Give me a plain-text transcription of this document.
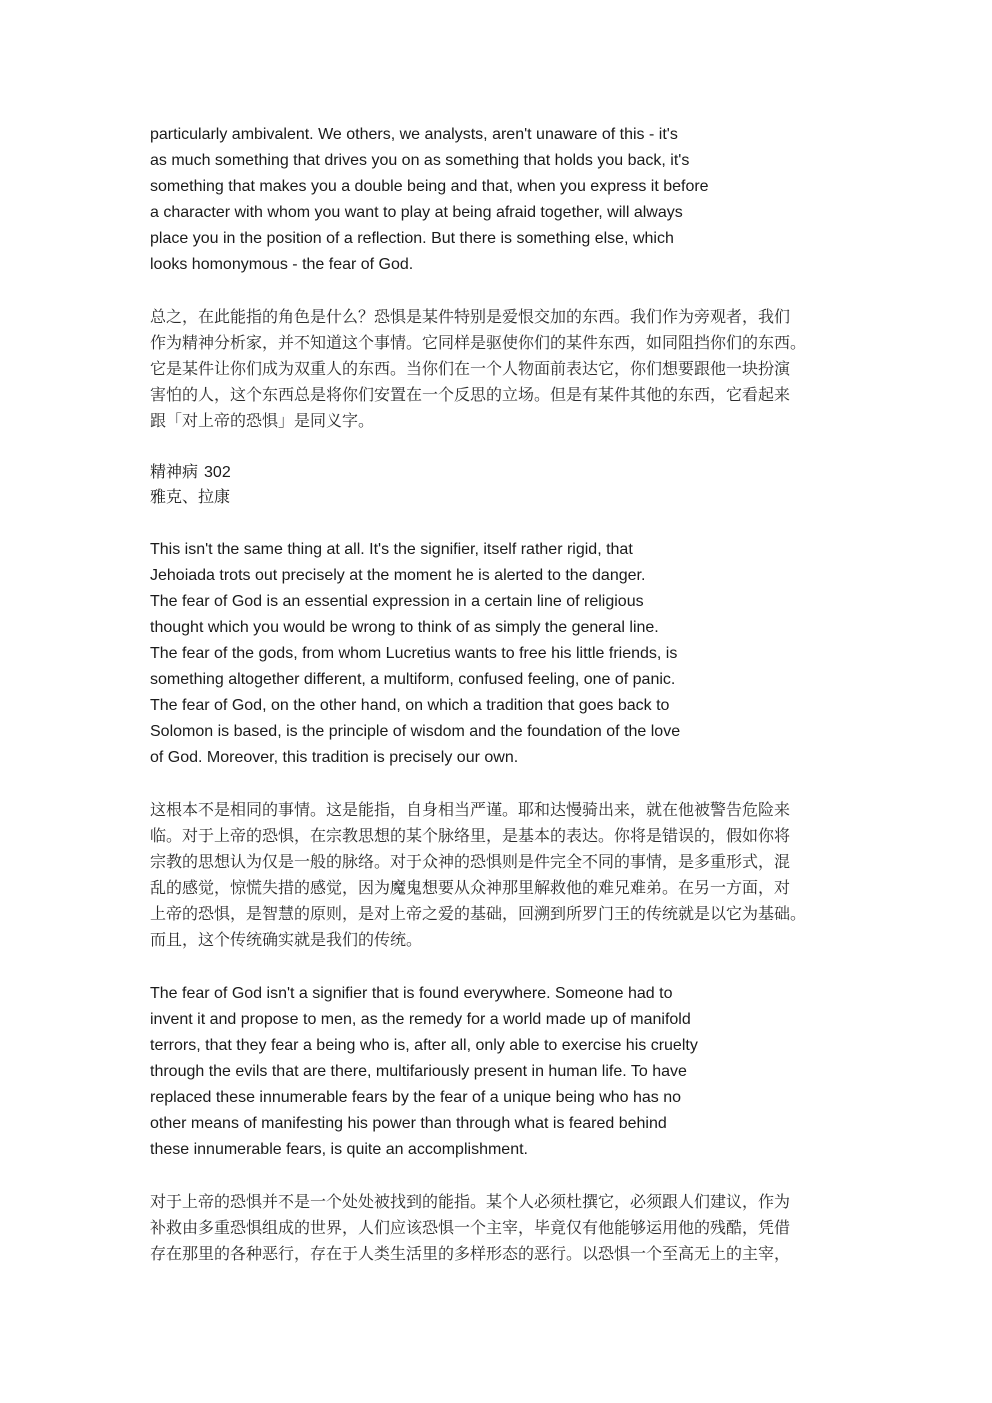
particularly ambivalent. We others, we analysts, aren't unaware of this - it's
as much something that drives you on as something that holds you back, it's
something that makes you a double being and that, when you express it before
a character with whom you want to play at being afraid together, will always
place you in the position of a reflection. But there is something else, which
looks homonymous - the fear of God.
总之，在此能指的角色是什么？恐惧是某件特别是爱恨交加的东西。我们作为旁观者，我们
作为精神分析家，并不知道这个事情。它同样是驱使你们的某件东西，如同阻挡你们的东西。
它是某件让你们成为双重人的东西。当你们在一个人物面前表达它，你们想要跟他一块扮演
害怕的人，这个东西总是将你们安置在一个反思的立场。但是有某件其他的东西，它看起来
跟「对上帝的恐惧」是同义字。
精神病 302
雅克、拉康
This isn't the same thing at all. It's the signifier, itself rather rigid, that
Jehoiada trots out precisely at the moment he is alerted to the danger.
The fear of God is an essential expression in a certain line of religious
thought which you would be wrong to think of as simply the general line.
The fear of the gods, from whom Lucretius wants to free his little friends, is
something altogether different, a multiform, confused feeling, one of panic.
The fear of God, on the other hand, on which a tradition that goes back to
Solomon is based, is the principle of wisdom and the foundation of the love
of God. Moreover, this tradition is precisely our own.
这根本不是相同的事情。这是能指，自身相当严谨。耶和达慢骑出来，就在他被警告危险来
临。对于上帝的恐惧，在宗教思想的某个脉络里，是基本的表达。你将是错误的，假如你将
宗教的思想认为仅是一般的脉络。对于众神的恐惧则是件完全不同的事情，是多重形式，混
乱的感觉，惊慌失措的感觉，因为魔鬼想要从众神那里解救他的难兄难弟。在另一方面，对
上帝的恐惧，是智慧的原则，是对上帝之爱的基础，回溯到所罗门王的传统就是以它为基础。
而且，这个传统确实就是我们的传统。
The fear of God isn't a signifier that is found everywhere. Someone had to
invent it and propose to men, as the remedy for a world made up of manifold
terrors, that they fear a being who is, after all, only able to exercise his cruelty
through the evils that are there, multifariously present in human life. To have
replaced these innumerable fears by the fear of a unique being who has no
other means of manifesting his power than through what is feared behind
these innumerable fears, is quite an accomplishment.
对于上帝的恐惧并不是一个处处被找到的能指。某个人必须杜撰它，必须跟人们建议，作为
补救由多重恐惧组成的世界，人们应该恐惧一个主宰，毕竟仅有他能够运用他的残酷，凭借
存在那里的各种恶行，存在于人类生活里的多样形态的恶行。以恐惧一个至高无上的主宰，
